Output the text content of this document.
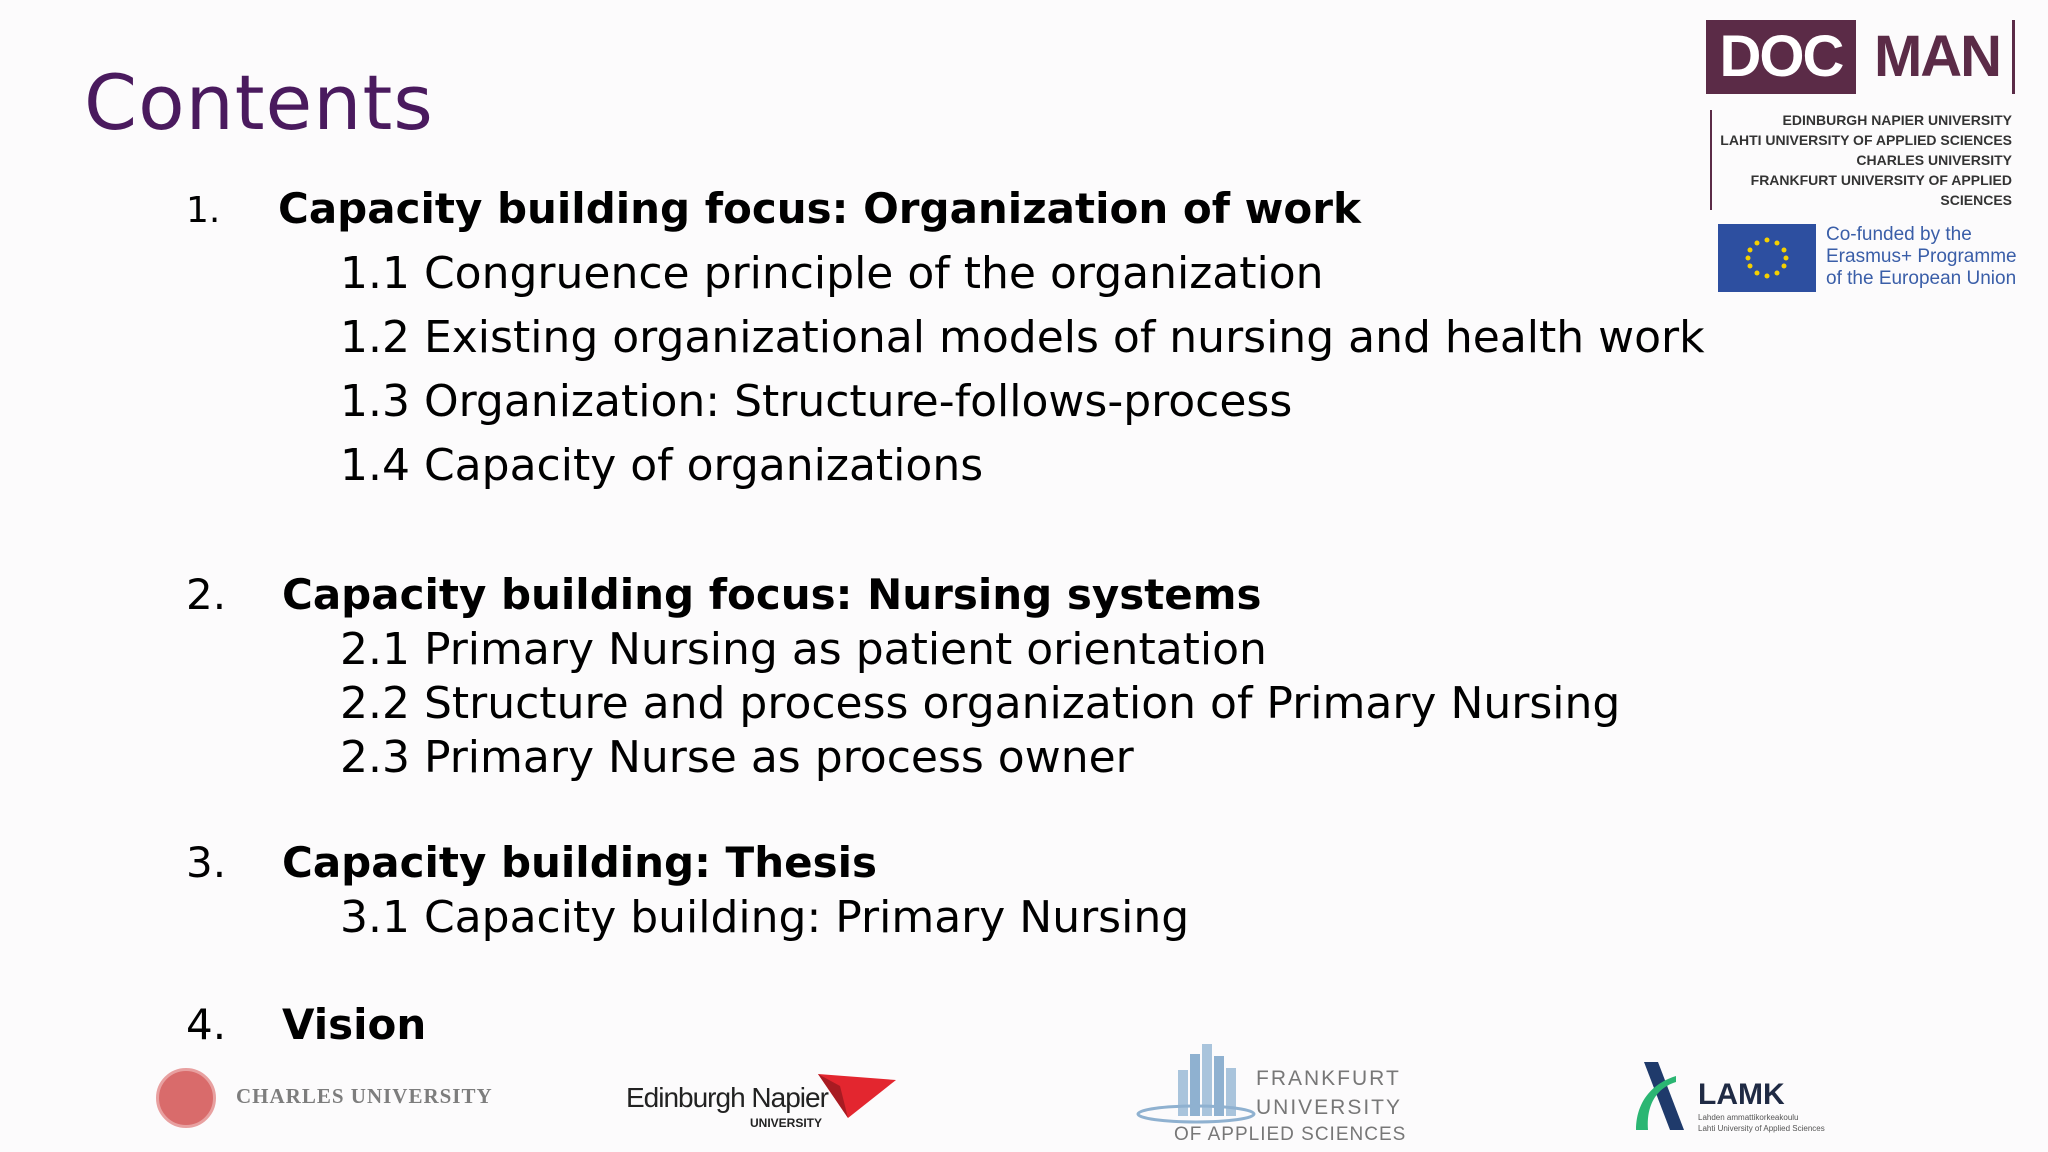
Contents
1. Capacity building focus: Organization of work
1.1 Congruence principle of the organization
1.2 Existing organizational models of nursing and health work
1.3 Organization: Structure-follows-process
1.4 Capacity of organizations
2. Capacity building focus: Nursing systems
2.1 Primary Nursing as patient orientation
2.2 Structure and process organization of Primary Nursing
2.3 Primary Nurse as process owner
3. Capacity building: Thesis
3.1 Capacity building: Primary Nursing
4. Vision
DOC MAN
EDINBURGH NAPIER UNIVERSITY
LAHTI UNIVERSITY OF APPLIED SCIENCES
CHARLES UNIVERSITY
FRANKFURT UNIVERSITY OF APPLIED SCIENCES
Co-funded by the
Erasmus+ Programme
of the European Union
CHARLES UNIVERSITY	Edinburgh Napier
UNIVERSITY
FRANKFURT
UNIVERSITY
OF APPLIED SCIENCES
LAMK
Lahden ammattikorkeakoulu
Lahti University of Applied Sciences
